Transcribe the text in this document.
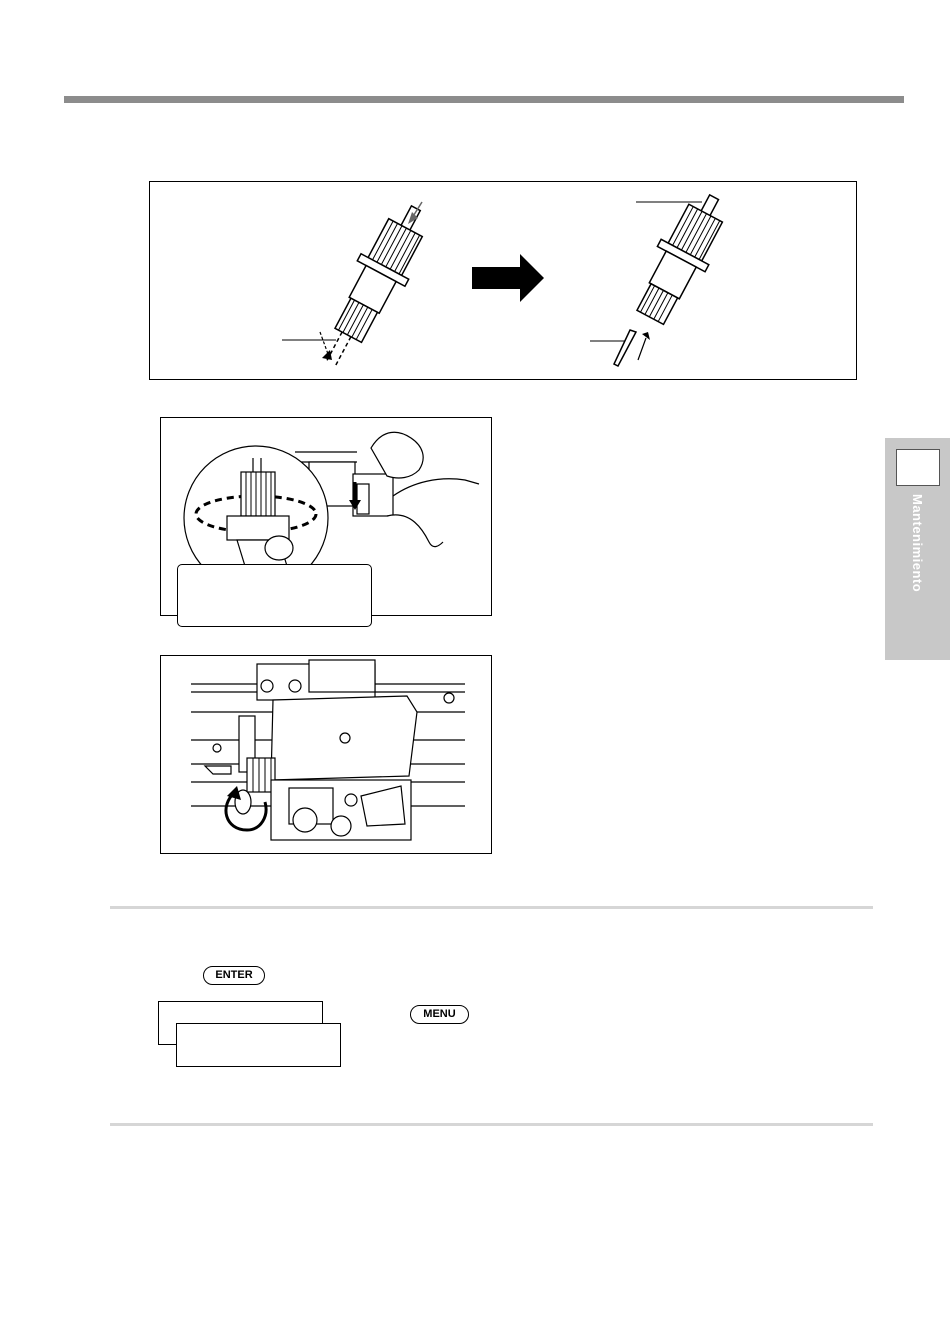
Mantenimiento
ENTER
MENU
